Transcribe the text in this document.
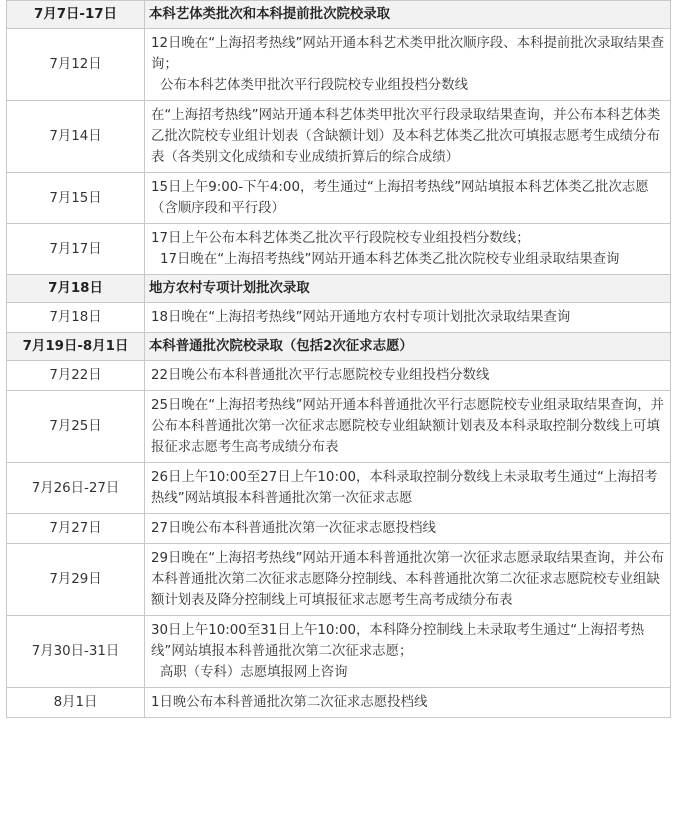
7月7日-17日	本科艺体类批次和本科提前批次院校录取

7月12日	12日晚在“上海招考热线”网站开通本科艺术类甲批次顺序段、本科提前批次录取结果查询；
公布本科艺体类甲批次平行段院校专业组投档分数线

7月14日	在“上海招考热线”网站开通本科艺体类甲批次平行段录取结果查询，并公布本科艺体类乙批次院校专业组计划表（含缺额计划）及本科艺体类乙批次可填报志愿考生成绩分布表（各类别文化成绩和专业成绩折算后的综合成绩）

7月15日	15日上午9:00-下午4:00，考生通过“上海招考热线”网站填报本科艺体类乙批次志愿（含顺序段和平行段）

7月17日	17日上午公布本科艺体类乙批次平行段院校专业组投档分数线；
17日晚在“上海招考热线”网站开通本科艺体类乙批次院校专业组录取结果查询

7月18日	地方农村专项计划批次录取

7月18日	18日晚在“上海招考热线”网站开通地方农村专项计划批次录取结果查询

7月19日-8月1日	本科普通批次院校录取（包括2次征求志愿）

7月22日	22日晚公布本科普通批次平行志愿院校专业组投档分数线

7月25日	25日晚在“上海招考热线”网站开通本科普通批次平行志愿院校专业组录取结果查询，并公布本科普通批次第一次征求志愿院校专业组缺额计划表及本科录取控制分数线上可填报征求志愿考生高考成绩分布表

7月26日-27日	26日上午10:00至27日上午10:00，本科录取控制分数线上未录取考生通过“上海招考热线”网站填报本科普通批次第一次征求志愿

7月27日	27日晚公布本科普通批次第一次征求志愿投档线

7月29日	29日晚在“上海招考热线”网站开通本科普通批次第一次征求志愿录取结果查询，并公布本科普通批次第二次征求志愿降分控制线、本科普通批次第二次征求志愿院校专业组缺额计划表及降分控制线上可填报征求志愿考生高考成绩分布表

7月30日-31日	30日上午10:00至31日上午10:00，本科降分控制线上未录取考生通过“上海招考热线”网站填报本科普通批次第二次征求志愿；
高职（专科）志愿填报网上咨询

8月1日	1日晚公布本科普通批次第二次征求志愿投档线
